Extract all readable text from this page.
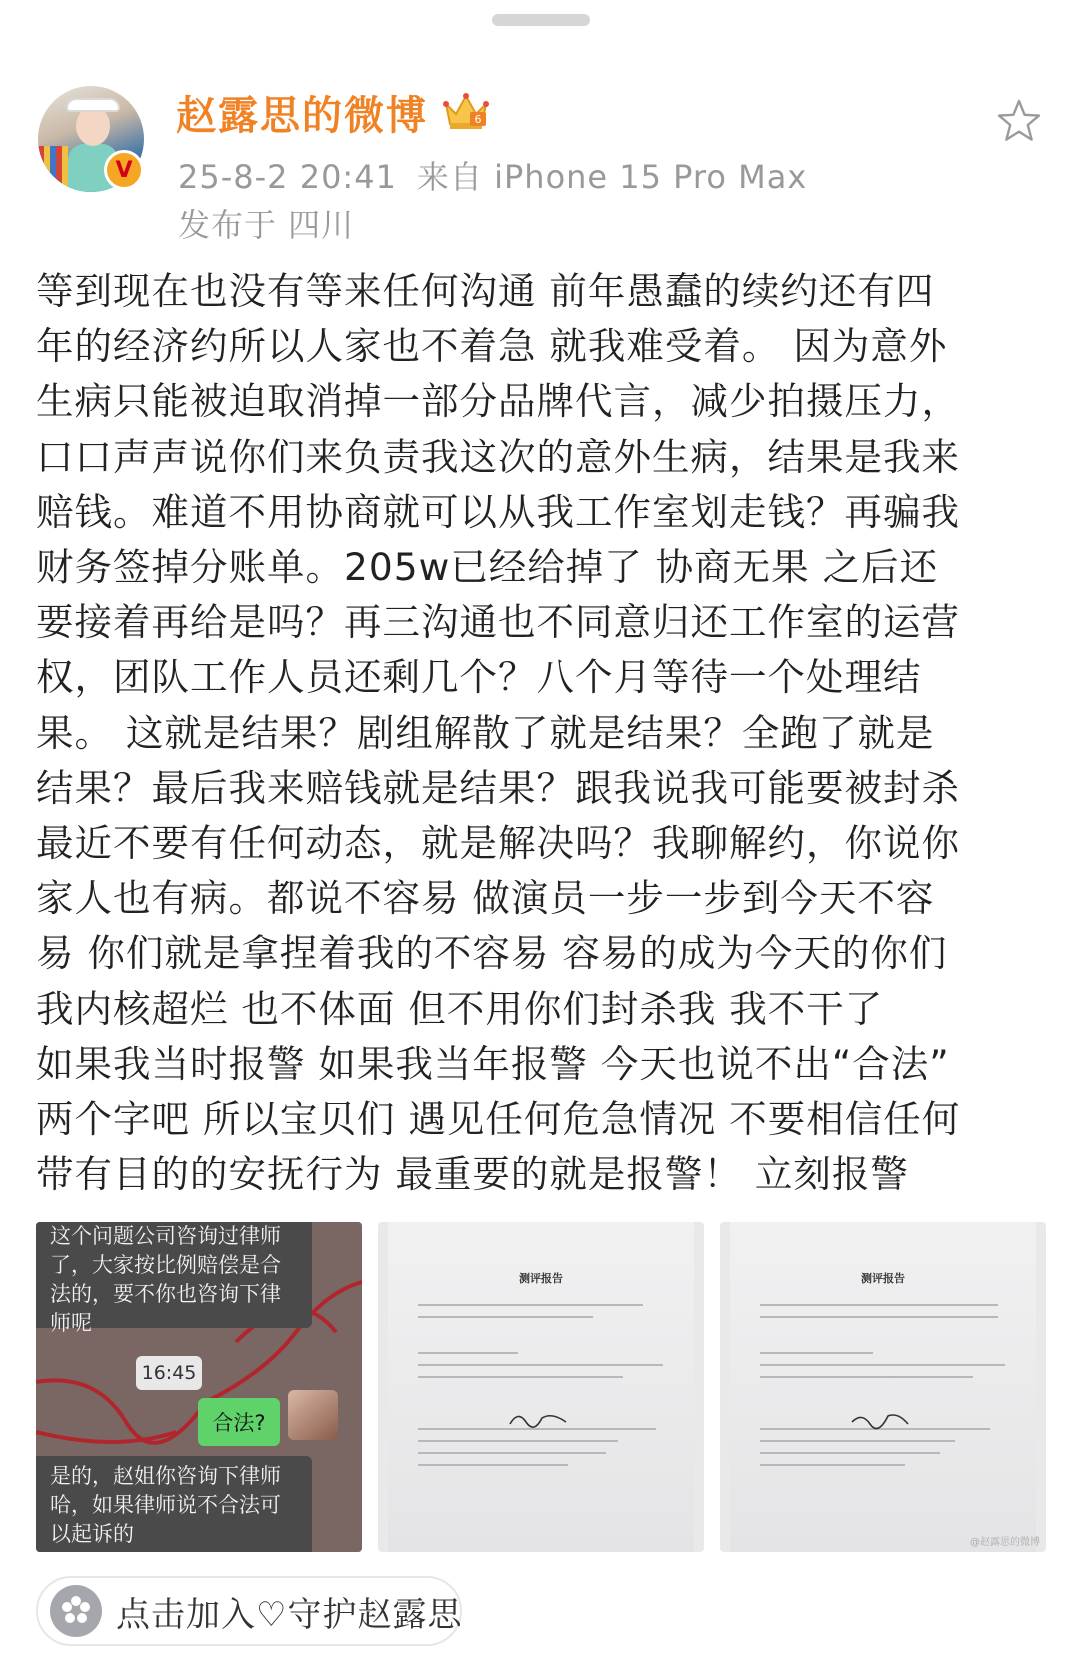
V
赵露思的微博	6
25-8-2 20:41 来自 iPhone 15 Pro Max
发布于 四川
等到现在也没有等来任何沟通 前年愚蠢的续约还有四
年的经济约所以人家也不着急 就我难受着。 因为意外
生病只能被迫取消掉一部分品牌代言，减少拍摄压力，
口口声声说你们来负责我这次的意外生病，结果是我来
赔钱。难道不用协商就可以从我工作室划走钱？再骗我
财务签掉分账单。205w已经给掉了 协商无果 之后还
要接着再给是吗？再三沟通也不同意归还工作室的运营
权，团队工作人员还剩几个？八个月等待一个处理结
果。 这就是结果？剧组解散了就是结果？全跑了就是
结果？最后我来赔钱就是结果？跟我说我可能要被封杀
最近不要有任何动态，就是解决吗？我聊解约，你说你
家人也有病。都说不容易 做演员一步一步到今天不容
易 你们就是拿捏着我的不容易 容易的成为今天的你们
我内核超烂 也不体面 但不用你们封杀我 我不干了
如果我当时报警 如果我当年报警 今天也说不出“合法”
两个字吧 所以宝贝们 遇见任何危急情况 不要相信任何
带有目的的安抚行为 最重要的就是报警！ 立刻报警
这个问题公司咨询过律师了，大家按比例赔偿是合法的，要不你也咨询下律师呢
16:45
合法?
是的，赵姐你咨询下律师哈，如果律师说不合法可以起诉的
测评报告	测评报告
@赵露思的微博
点击加入♡守护赵露思
